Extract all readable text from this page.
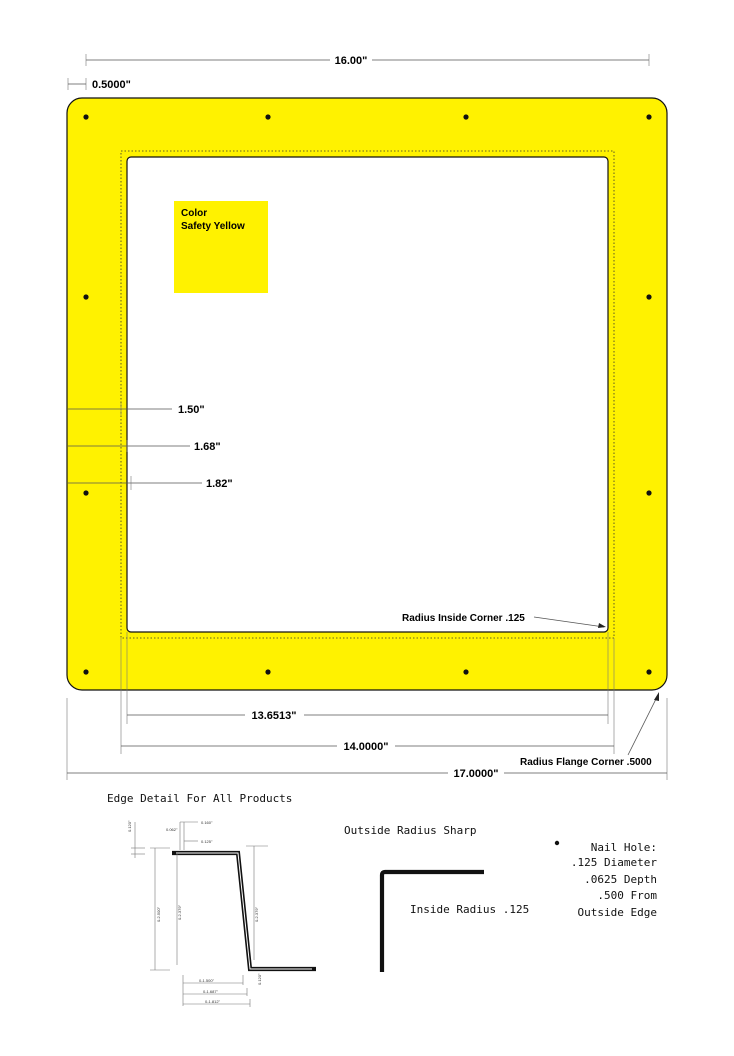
16.00"
0.5000"
Color
Safety Yellow
1.50"
1.68"
1.82"
Radius Inside Corner .125
13.6513"
14.0000"
Radius Flange Corner .5000
17.0000"
Edge Detail For All Products
0.160"
0.125"
0.062"
0.120"
0-2.500"	0-2.379"	0-2.379"
0.120"
0-1.500"
0-1.687"
0-1.812"
Outside Radius Sharp
Inside Radius .125
Nail Hole:
.125 Diameter
.0625 Depth
.500 From
Outside Edge
